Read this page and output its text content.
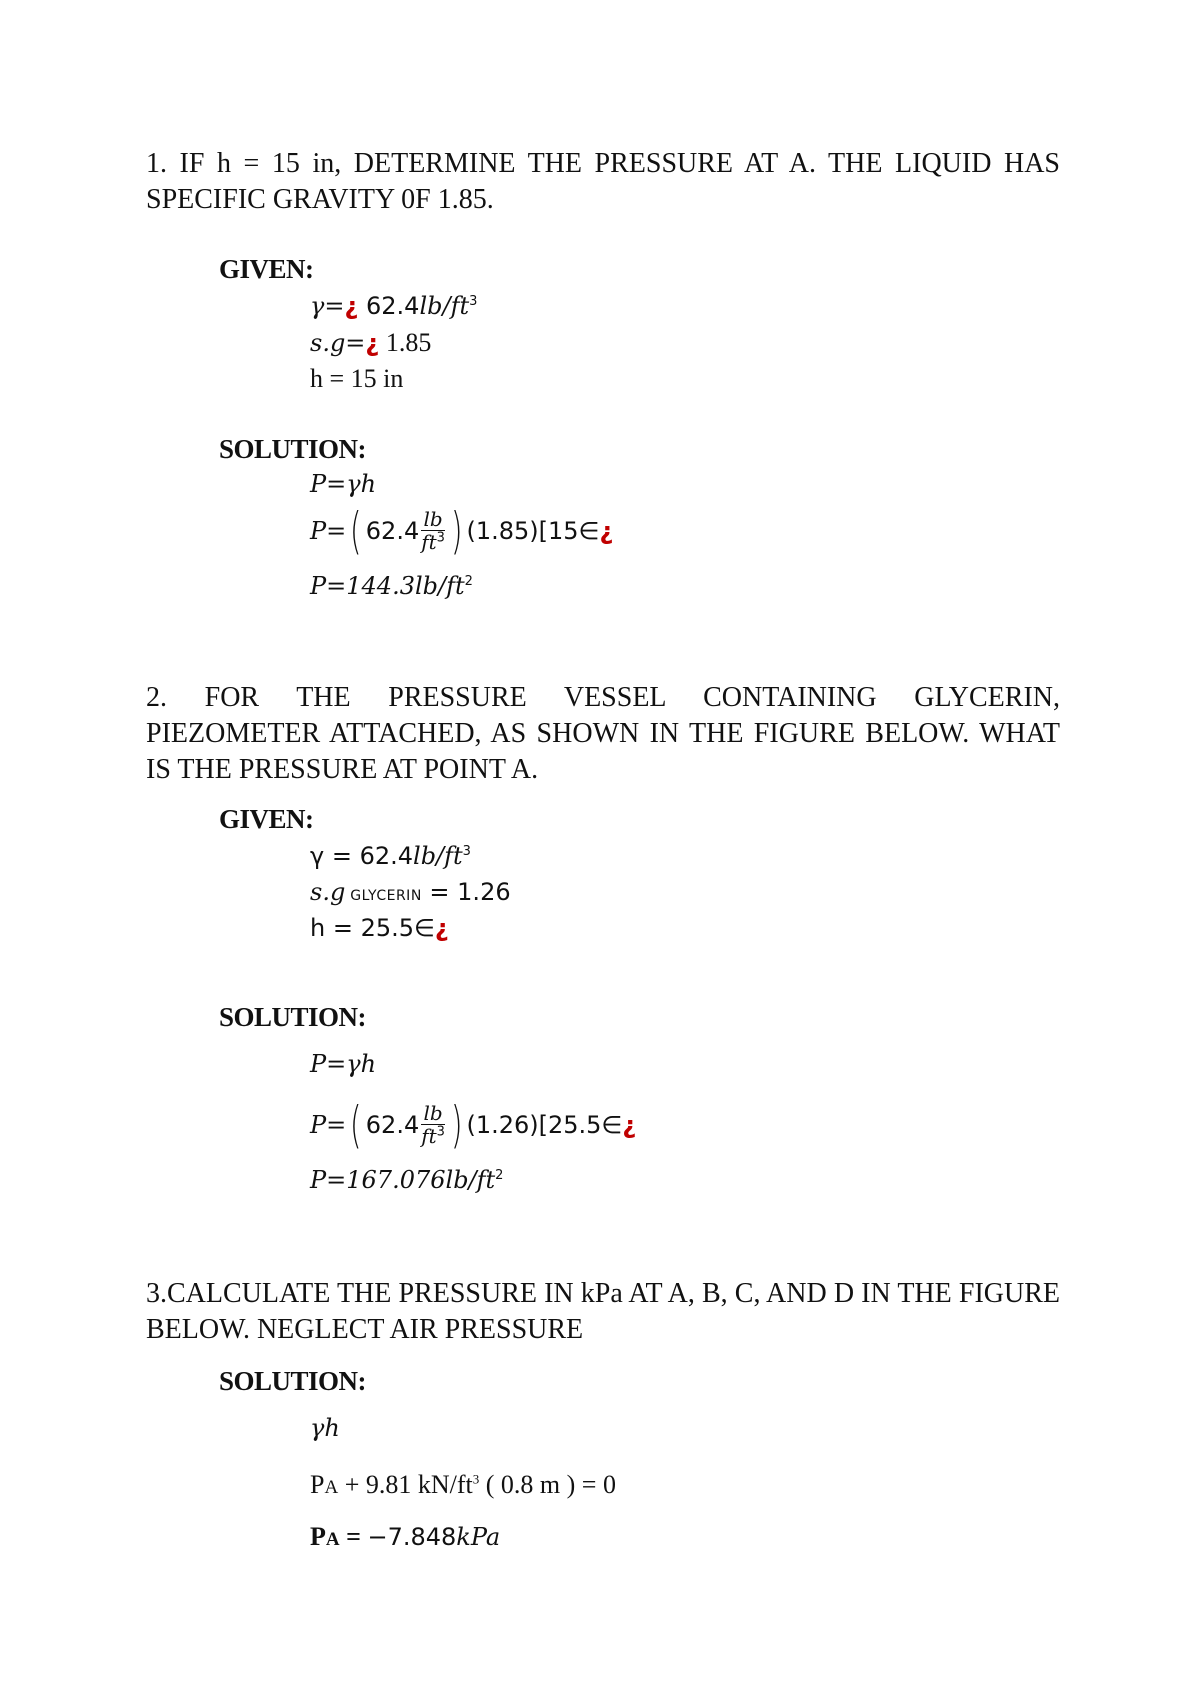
1. IF h = 15 in, DETERMINE THE PRESSURE AT A. THE LIQUID HAS SPECIFIC GRAVITY 0F 1.85.

GIVEN:
γ=¿ $62.4lb/ft^3$
s.g=¿ 1.85
h = 15 in
SOLUTION:
P=γh
P= ( $62.4 \frac{lb}{ft^3}$ ) (1.85)[15∈ ¿
$P=144.3lb/ft^2$

2. FOR THE PRESSURE VESSEL CONTAINING GLYCERIN,

PIEZOMETER ATTACHED, AS SHOWN IN THE FIGURE BELOW. WHAT IS THE PRESSURE AT POINT A.

GIVEN:
$\gamma = 62.4lb/ft^3$
s.g GLYCERIN = 1.26
h = 25.5∈¿
SOLUTION:
P=γh
P= ( $62.4 \frac{lb}{ft^3}$ ) (1.26)[25.5∈ ¿
$P=167.076lb/ft^2$

3.CALCULATE THE PRESSURE IN kPa AT A, B, C, AND D IN THE FIGURE BELOW. NEGLECT AIR PRESSURE

SOLUTION:
γh
PA + 9.81 $kN/ft^3$ ( 0.8 m ) = 0
PA = −7.848kPa
